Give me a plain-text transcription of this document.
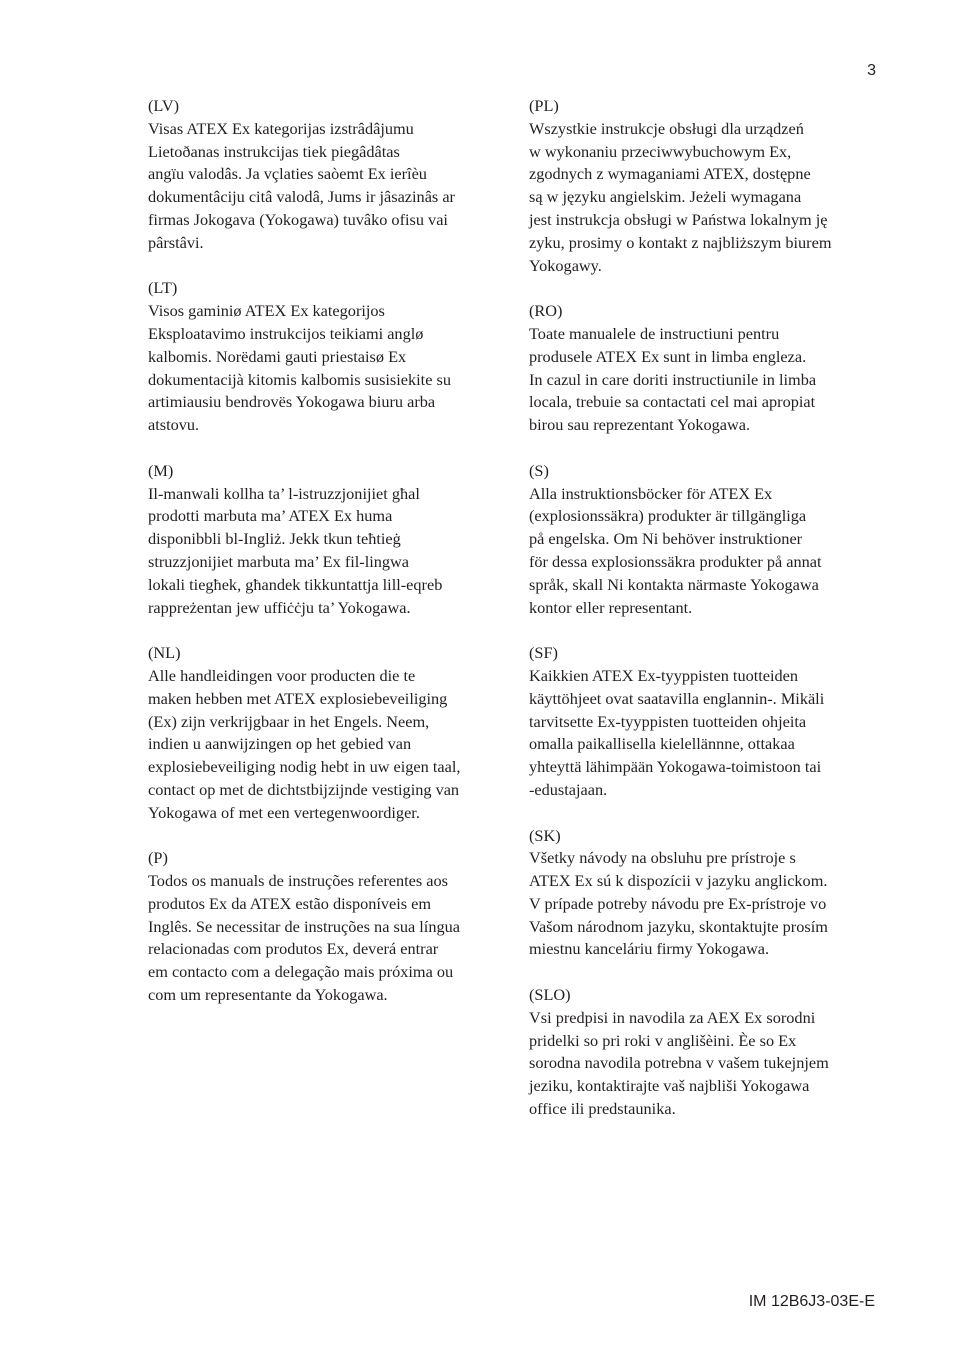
3
(LV)
Visas ATEX Ex kategorijas izstrâdâjumu
Lietoðanas instrukcijas tiek piegâdâtas
angïu valodâs. Ja vçlaties saòemt Ex ierîèu
dokumentâciju citâ valodâ, Jums ir jâsazinâs ar
firmas Jokogava (Yokogawa) tuvâko ofisu vai
pârstâvi.
(LT)
Visos gaminiø ATEX Ex kategorijos
Eksploatavimo instrukcijos teikiami anglø
kalbomis. Norëdami gauti priestaisø Ex
dokumentacijà kitomis kalbomis susisiekite su
artimiausiu bendrovës Yokogawa biuru arba
atstovu.
(M)
Il-manwali kollha ta’ l-istruzzjonijiet għal
prodotti marbuta ma’ ATEX Ex huma
disponibbli bl-Ingliż. Jekk tkun teħtieġ
struzzjonijiet marbuta ma’ Ex fil-lingwa
lokali tiegħek, għandek tikkuntattja lill-eqreb
rappreżentan jew uffiċċju ta’ Yokogawa.
(NL)
Alle handleidingen voor producten die te
maken hebben met ATEX explosiebeveiliging
(Ex) zijn verkrijgbaar in het Engels. Neem,
indien u aanwijzingen op het gebied van
explosiebeveiliging nodig hebt in uw eigen taal,
contact op met de dichtstbijzijnde vestiging van
Yokogawa of met een vertegenwoordiger.
(P)
Todos os manuals de instruções referentes aos
produtos Ex da ATEX estão disponíveis em
Inglês. Se necessitar de instruções na sua língua
relacionadas com produtos Ex, deverá entrar
em contacto com a delegação mais próxima ou
com um representante da Yokogawa.
(PL)
Wszystkie instrukcje obsługi dla urządzeń
w wykonaniu przeciwwybuchowym Ex,
zgodnych z wymaganiami ATEX, dostępne
są w języku angielskim. Jeżeli wymagana
jest instrukcja obsługi w Państwa lokalnym ję
zyku, prosimy o kontakt z najbliższym biurem
Yokogawy.
(RO)
Toate manualele de instructiuni pentru
produsele ATEX Ex sunt in limba engleza.
In cazul in care doriti instructiunile in limba
locala, trebuie sa contactati cel mai apropiat
birou sau reprezentant Yokogawa.
(S)
Alla instruktionsböcker för ATEX Ex
(explosionssäkra) produkter är tillgängliga
på engelska. Om Ni behöver instruktioner
för dessa explosionssäkra produkter på annat
språk, skall Ni kontakta närmaste Yokogawa
kontor eller representant.
(SF)
Kaikkien ATEX Ex-tyyppisten tuotteiden
käyttöhjeet ovat saatavilla englannin-. Mikäli
tarvitsette Ex-tyyppisten tuotteiden ohjeita
omalla paikallisella kielellännne, ottakaa
yhteyttä lähimpään Yokogawa-toimistoon tai
-edustajaan.
(SK)
Všetky návody na obsluhu pre prístroje s
ATEX Ex sú k dispozícii v jazyku anglickom.
V prípade potreby návodu pre Ex-prístroje vo
Vašom národnom jazyku, skontaktujte prosím
miestnu kanceláriu firmy Yokogawa.
(SLO)
Vsi predpisi in navodila za AEX Ex sorodni
pridelki so pri roki v anglišèini. Èe so Ex
sorodna navodila potrebna v vašem tukejnjem
jeziku, kontaktirajte vaš najbliši Yokogawa
office ili predstaunika.
IM 12B6J3-03E-E
